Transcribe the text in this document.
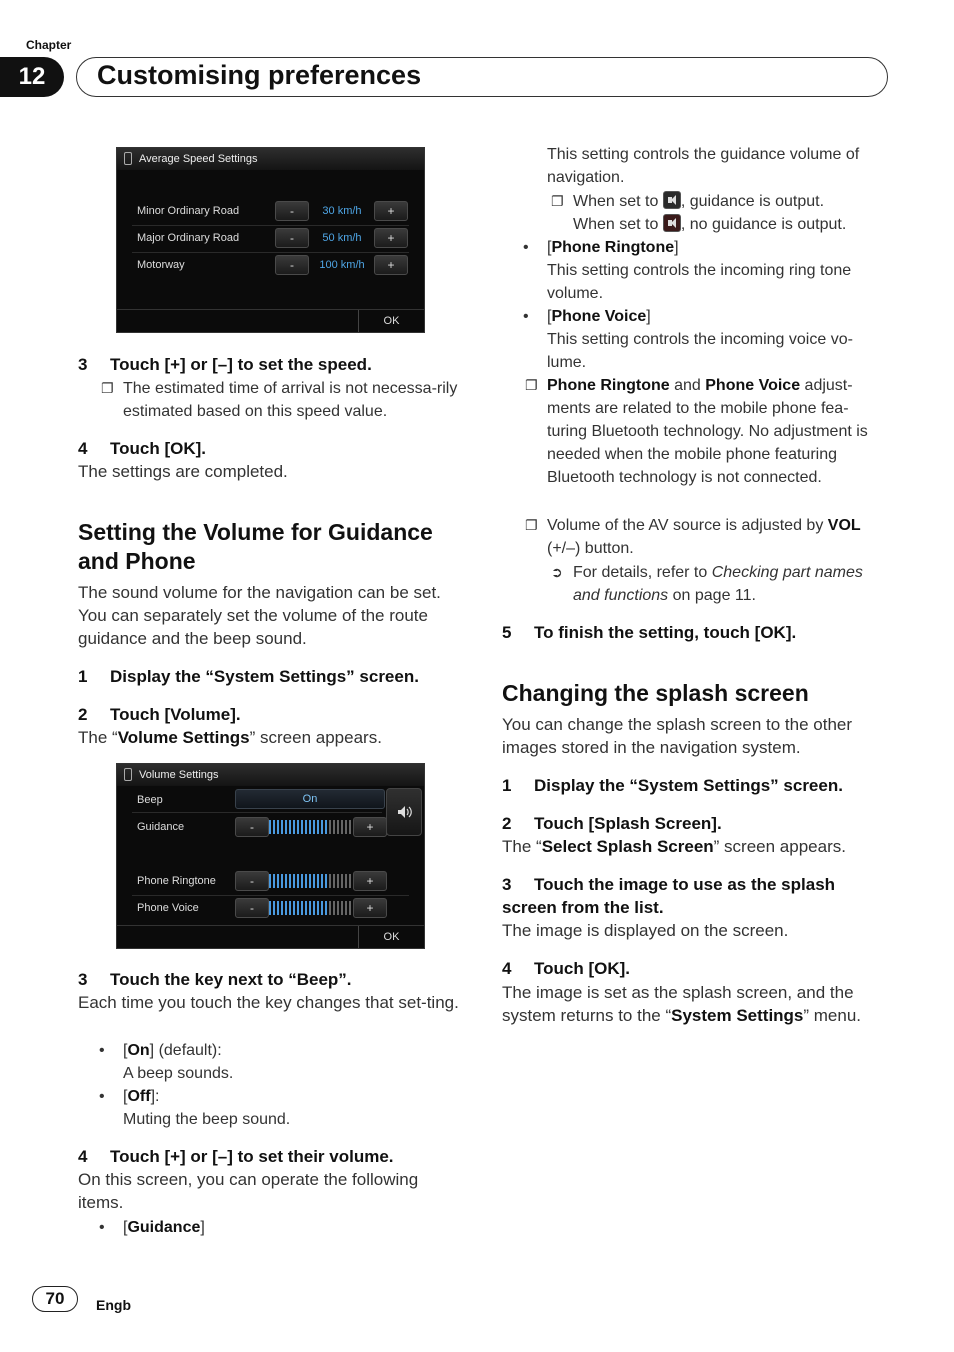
Chapter
12	Customising preferences
Average Speed Settings
Minor Ordinary Road	-	30 km/h	+
Major Ordinary Road	-	50 km/h	+
Motorway	-	100 km/h	+
OK
3 Touch [+] or [–] to set the speed.
❐ The estimated time of arrival is not necessa-rily estimated based on this speed value.
4 Touch [OK].
The settings are completed.
Setting the Volume for Guidance and Phone
The sound volume for the navigation can be set. You can separately set the volume of the route guidance and the beep sound.
1 Display the “System Settings” screen.
2 Touch [Volume].
The “Volume Settings” screen appears.
Volume Settings
Beep	On
Guidance	-	+
Phone Ringtone	-	+
Phone Voice	-	+
OK
3 Touch the key next to “Beep”.
Each time you touch the key changes that set-ting.
• [On] (default):
A beep sounds.
• [Off]:
Muting the beep sound.
4 Touch [+] or [–] to set their volume.
On this screen, you can operate the following items.
• [Guidance]
This setting controls the guidance volume of navigation.
❐ When set to , guidance is output.
When set to , no guidance is output.
• [Phone Ringtone]
This setting controls the incoming ring tone volume.
• [Phone Voice]
This setting controls the incoming voice vo-lume.
❐ Phone Ringtone and Phone Voice adjust-ments are related to the mobile phone fea-turing Bluetooth technology. No adjustment is needed when the mobile phone featuring Bluetooth technology is not connected.
❐ Volume of the AV source is adjusted by VOL (+/–) button.
➲ For details, refer to Checking part names and functions on page 11.
5 To finish the setting, touch [OK].
Changing the splash screen
You can change the splash screen to the other images stored in the navigation system.
1 Display the “System Settings” screen.
2 Touch [Splash Screen].
The “Select Splash Screen” screen appears.
3 Touch the image to use as the splash screen from the list.
The image is displayed on the screen.
4 Touch [OK].
The image is set as the splash screen, and the system returns to the “System Settings” menu.
70	Engb
